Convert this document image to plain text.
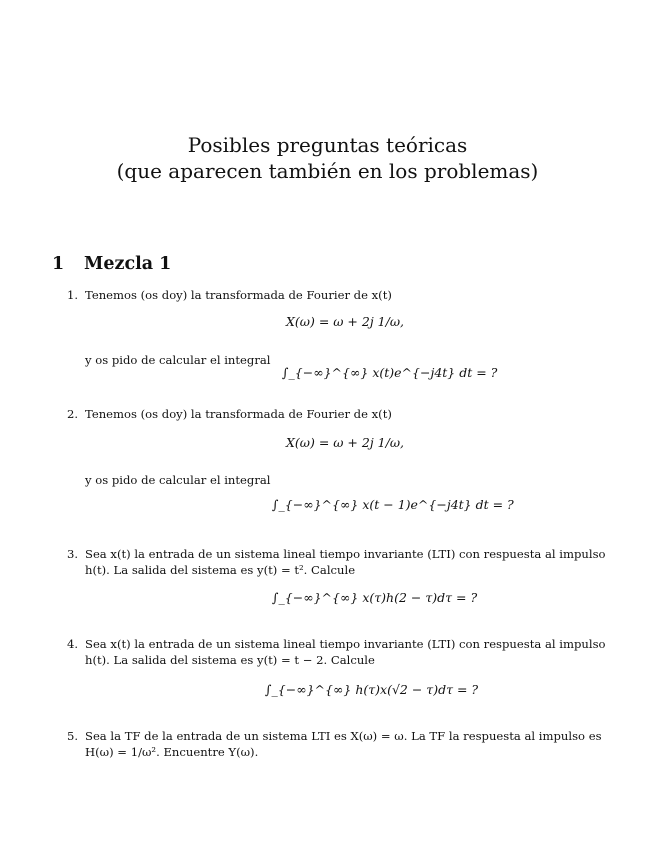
Posibles preguntas teóricas
(que aparecen también en los problemas)
1 Mezcla 1
1. Tenemos (os doy) la transformada de Fourier de x(t)
X(ω) = ω + 2j 1/ω,
y os pido de calcular el integral
∫_{−∞}^{∞} x(t)e^{−j4t} dt = ?
2. Tenemos (os doy) la transformada de Fourier de x(t)
X(ω) = ω + 2j 1/ω,
y os pido de calcular el integral
∫_{−∞}^{∞} x(t − 1)e^{−j4t} dt = ?
3. Sea x(t) la entrada de un sistema lineal tiempo invariante (LTI) con respuesta al impulso
h(t). La salida del sistema es y(t) = t². Calcule
∫_{−∞}^{∞} x(τ)h(2 − τ)dτ = ?
4. Sea x(t) la entrada de un sistema lineal tiempo invariante (LTI) con respuesta al impulso
h(t). La salida del sistema es y(t) = t − 2. Calcule
∫_{−∞}^{∞} h(τ)x(√2 − τ)dτ = ?
5. Sea la TF de la entrada de un sistema LTI es X(ω) = ω. La TF la respuesta al impulso es
H(ω) = 1/ω². Encuentre Y(ω).
